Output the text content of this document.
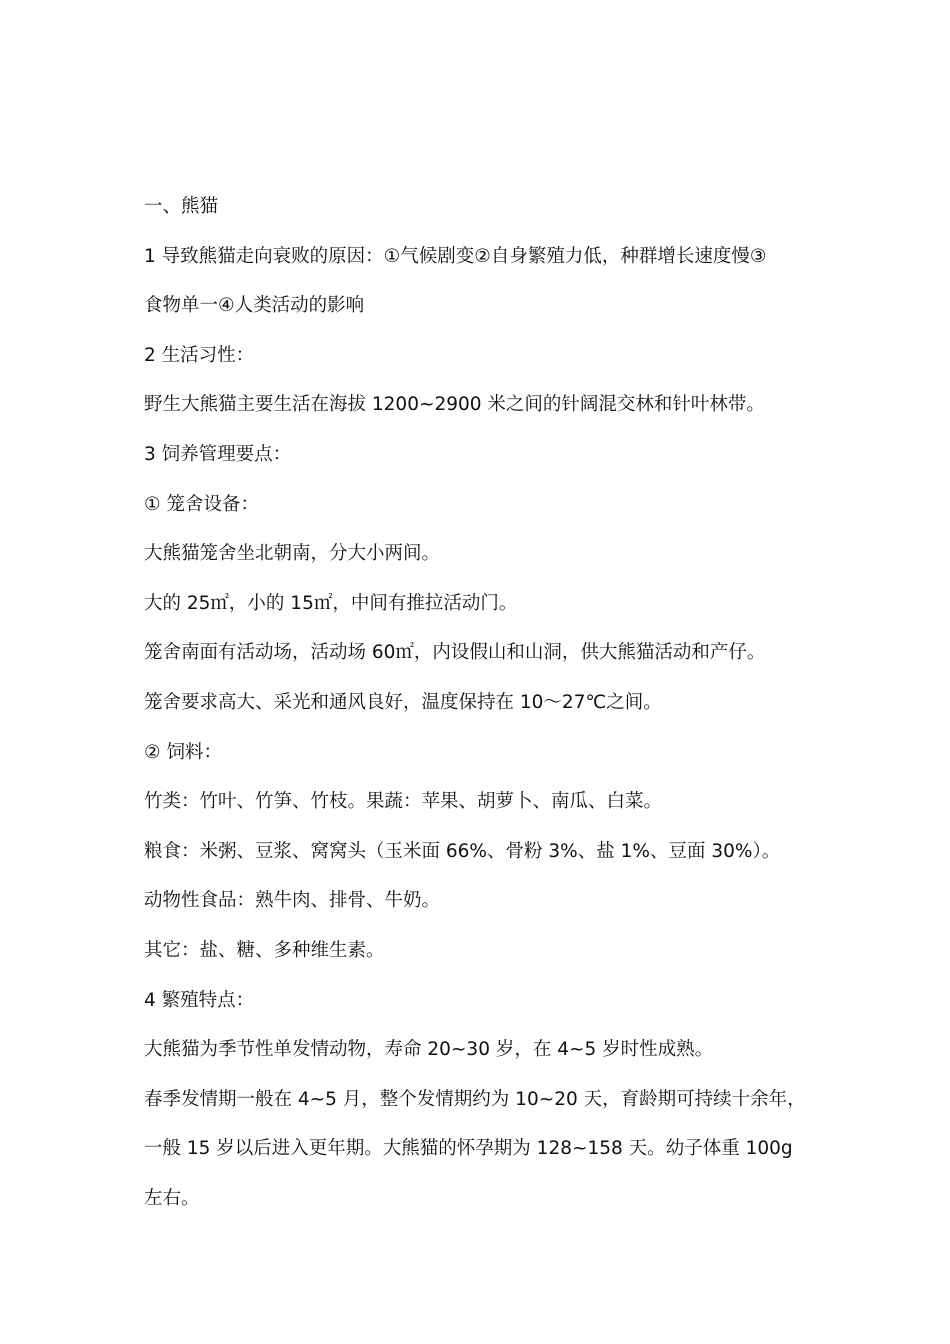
一、熊猫
1 导致熊猫走向衰败的原因：①气候剧变②自身繁殖力低，种群增长速度慢③
食物单一④人类活动的影响
2 生活习性：
野生大熊猫主要生活在海拔 1200~2900 米之间的针阔混交林和针叶林带。
3 饲养管理要点：
① 笼舍设备：
大熊猫笼舍坐北朝南，分大小两间。
大的 25㎡，小的 15㎡，中间有推拉活动门。
笼舍南面有活动场，活动场 60㎡，内设假山和山洞，供大熊猫活动和产仔。
笼舍要求高大、采光和通风良好，温度保持在 10～27℃之间。
② 饲料：
竹类：竹叶、竹笋、竹枝。果蔬：苹果、胡萝卜、南瓜、白菜。
粮食：米粥、豆浆、窝窝头（玉米面 66%、骨粉 3%、盐 1%、豆面 30%）。
动物性食品：熟牛肉、排骨、牛奶。
其它：盐、糖、多种维生素。
4 繁殖特点：
大熊猫为季节性单发情动物，寿命 20~30 岁，在 4~5 岁时性成熟。
春季发情期一般在 4~5 月，整个发情期约为 10~20 天，育龄期可持续十余年，
一般 15 岁以后进入更年期。大熊猫的怀孕期为 128~158 天。幼子体重 100g
左右。
